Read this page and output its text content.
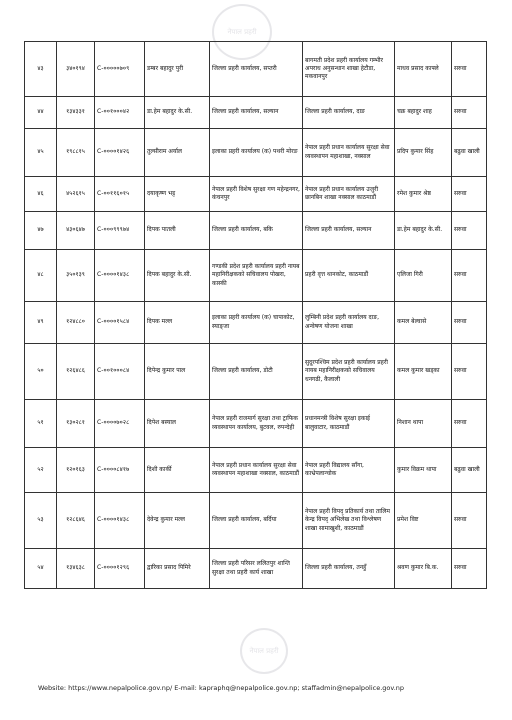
नेपाल प्रहरी
४३	३४०१९४	C-०००००७०९	डम्बर बहादुर पुरी	जिल्ला प्रहरी कार्यालय, सप्तरी	बागमती प्रदेश प्रहरी कार्यालय गम्भीर अपराध अनुसन्धान शाखा हेटौडा, मकवानपुर	माधव प्रसाद काफ्ले	सरुवा
४४	१३४३३१	C-००१०००४२	डा.हेम बहादुर के.सी.	जिल्ला प्रहरी कार्यालय, सल्यान	जिल्ला प्रहरी कार्यालय, दाङ	चक्र बहादुर शाह	सरुवा
४५	१९८८१५	C-००००१४२६	तुल्सीराम अर्याल	इलाका प्रहरी कार्यालय (क) पथरी मोरङ	नेपाल प्रहरी प्रधान कार्यालय सुरक्षा सेवा व्यवस्थापन महाशाखा, नक्साल	प्रदिप कुमार सिंह	बढुवा खाली
४६	४५२६१५	C-००११६०१५	दयाकृष्ण भट्ट	नेपाल प्रहरी विशेष सुरक्षा गण महेन्द्रनगर, कंचनपुर	नेपाल प्रहरी प्रधान कार्यालय उजुरी छानबिन शाखा नक्साल काठमाडौं	रमेश कुमार श्रेष्ठ	सरुवा
४७	४३०६४७	C-०००९९९७४	दिपक पातली	जिल्ला प्रहरी कार्यालय, बकि	जिल्ला प्रहरी कार्यालय, सल्यान	डा.हेम बहादुर के.सी.	सरुवा
४८	३५०१३९	C-००००१४३८	दिपक बहादुर के.सी.	गण्डकी प्रदेश प्रहरी कार्यालय प्रहरी नायब महानिरीक्षकको सचिवालय पोखरा, कास्की	प्रहरी वृत्त थानकोट, काठमाडौं	एलिजा गिरी	सरुवा
४९	१२४८८०	C-००००१५८४	दिपक मल्ल	इलाका प्रहरी कार्यालय (क) चापाकोट, स्याङ्जा	लुम्बिनी प्रदेश प्रहरी कार्यालय दाङ, अन्वेषण योजना शाखा	कमल बेल्वासे	सरुवा
५०	१२६४८६	C-००१०००८४	दिपेन्द्र कुमार पाल	जिल्ला प्रहरी कार्यालय, डोटी	सुदूरपश्चिम प्रदेश प्रहरी कार्यालय प्रहरी नायब महानिरीक्षकको सचिवालय धनगढी, कैलाली	कमल कुमार खड्का	सरुवा
५१	१३०२८१	C-००००७०२८	दिपेश बस्याल	नेपाल प्रहरी राजमार्ग सुरक्षा तथा ट्राफिक व्यवस्थापन कार्यालय, बुटवल, रुपन्देही	प्रधानमन्त्री विशेष सुरक्षा इकाई बालुवाटार, काठमाडौं	निशान थापा	सरुवा
५२	१२०१६३	C-००००८४१७	दिशी कार्की	नेपाल प्रहरी प्रधान कार्यालय सुरक्षा सेवा व्यवस्थापन महाशाखा नक्साल, काठमाडौं	नेपाल प्रहरी विद्यालय साँगा, काभ्रेपलान्चोक	कुमार विक्रम थापा	बढुवा खाली
५३	१२८६४६	C-००००१४३८	देवेन्द्र कुमार मल्ल	जिल्ला प्रहरी कार्यालय, बर्दिया	नेपाल प्रहरी विपद् प्रतिकार्य तथा तालिम केन्द्र विपद् अभिलेख तथा विश्लेषण शाखा सामाखुशी, काठमाडौं	प्रमेश विष्ट	सरुवा
५४	१३४६३८	C-००००१२९६	द्वारिका प्रसाद पिमिरे	जिल्ला प्रहरी परिसर ललितपुर शान्ति सुरक्षा तथा प्रहरी कार्य शाखा	जिल्ला प्रहरी कार्यालय, तनहुँ	श्रवण कुमार बि.क.	सरुवा
नेपाल प्रहरी
Website: https://www.nepalpolice.gov.np/ E-mail: kapraphq@nepalpolice.gov.np; staffadmin@nepalpolice.gov.np
